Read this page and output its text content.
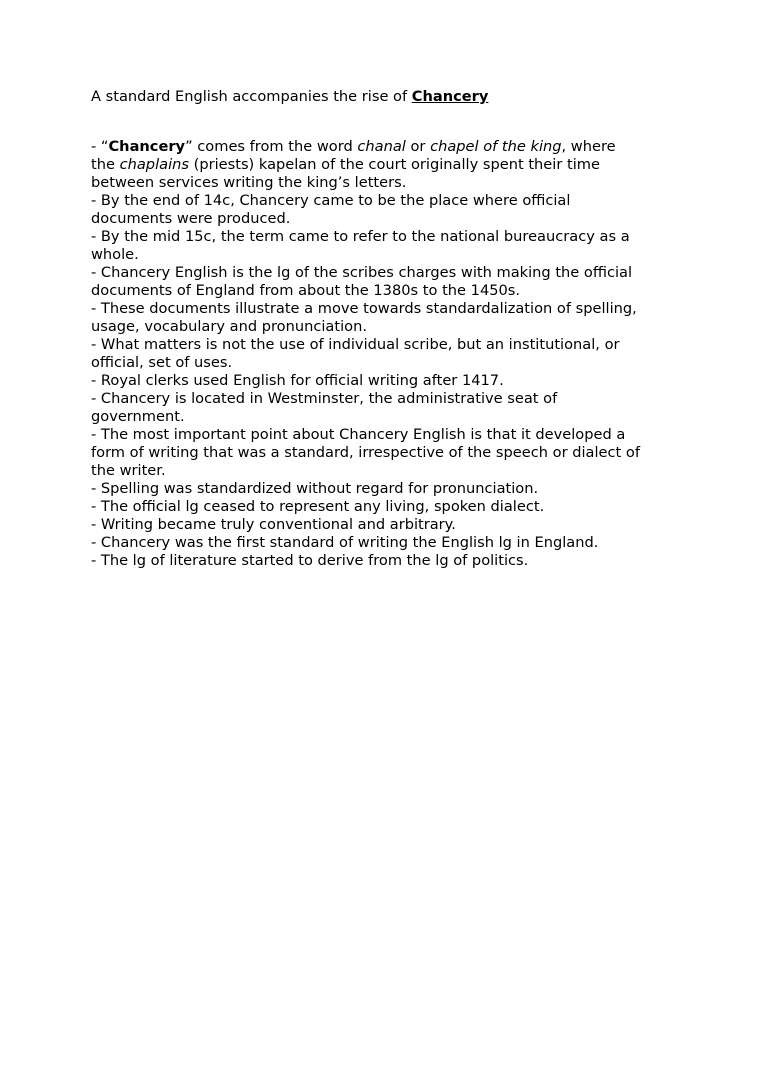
A standard English accompanies the rise of Chancery

- “Chancery” comes from the word chanal or chapel of the king, where
the chaplains (priests) kapelan of the court originally spent their time
between services writing the king’s letters.
- By the end of 14c, Chancery came to be the place where official
documents were produced.
- By the mid 15c, the term came to refer to the national bureaucracy as a
whole.
- Chancery English is the lg of the scribes charges with making the official
documents of England from about the 1380s to the 1450s.
- These documents illustrate a move towards standardalization of spelling,
usage, vocabulary and pronunciation.
- What matters is not the use of individual scribe, but an institutional, or
official, set of uses.
- Royal clerks used English for official writing after 1417.
- Chancery is located in Westminster, the administrative seat of
government.
- The most important point about Chancery English is that it developed a
form of writing that was a standard, irrespective of the speech or dialect of
the writer.
- Spelling was standardized without regard for pronunciation.
- The official lg ceased to represent any living, spoken dialect.
- Writing became truly conventional and arbitrary.
- Chancery was the first standard of writing the English lg in England.
- The lg of literature started to derive from the lg of politics.
